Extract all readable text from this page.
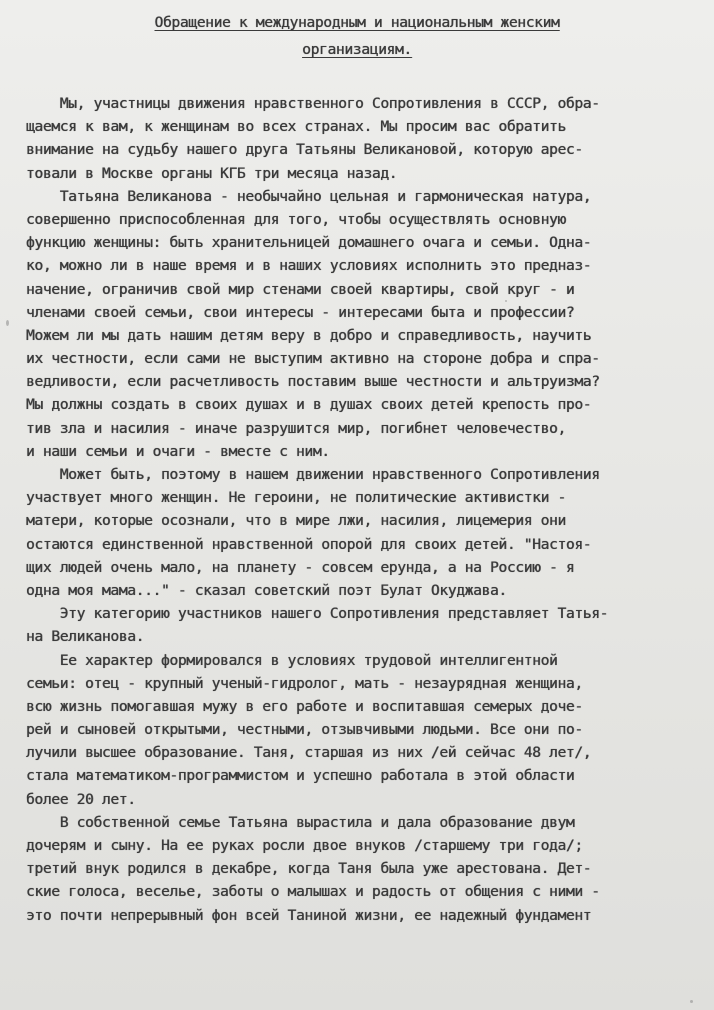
Обращение к международным и национальным женским
организациям.
Мы, участницы движения нравственного Сопротивления в СССР, обра-
щаемся к вам, к женщинам во всех странах. Мы просим вас обратить
внимание на судьбу нашего друга Татьяны Великановой, которую арес-
товали в Москве органы КГБ три месяца назад.
Татьяна Великанова - необычайно цельная и гармоническая натура,
совершенно приспособленная для того, чтобы осуществлять основную
функцию женщины: быть хранительницей домашнего очага и семьи. Одна-
ко, можно ли в наше время и в наших условиях исполнить это предназ-
начение, ограничив свой мир стенами своей квартиры, свой круг - и
членами своей семьи, свои интересы - интересами быта и профессии?
Можем ли мы дать нашим детям веру в добро и справедливость, научить
их честности, если сами не выступим активно на стороне добра и спра-
ведливости, если расчетливость поставим выше честности и альтруизма?
Мы должны создать в своих душах и в душах своих детей крепость про-
тив зла и насилия - иначе разрушится мир, погибнет человечество,
и наши семьи и очаги - вместе с ним.
Может быть, поэтому в нашем движении нравственного Сопротивления
участвует много женщин. Не героини, не политические активистки -
матери, которые осознали, что в мире лжи, насилия, лицемерия они
остаются единственной нравственной опорой для своих детей. "Настоя-
щих людей очень мало, на планету - совсем ерунда, а на Россию - я
одна моя мама..." - сказал советский поэт Булат Окуджава.
Эту категорию участников нашего Сопротивления представляет Татья-
на Великанова.
Ее характер формировался в условиях трудовой интеллигентной
семьи: отец - крупный ученый-гидролог, мать - незаурядная женщина,
всю жизнь помогавшая мужу в его работе и воспитавшая семерых доче-
рей и сыновей открытыми, честными, отзывчивыми людьми. Все они по-
лучили высшее образование. Таня, старшая из них /ей сейчас 48 лет/,
стала математиком-программистом и успешно работала в этой области
более 20 лет.
В собственной семье Татьяна вырастила и дала образование двум
дочерям и сыну. На ее руках росли двое внуков /старшему три года/;
третий внук родился в декабре, когда Таня была уже арестована. Дет-
ские голоса, веселье, заботы о малышах и радость от общения с ними -
это почти непрерывный фон всей Таниной жизни, ее надежный фундамент
